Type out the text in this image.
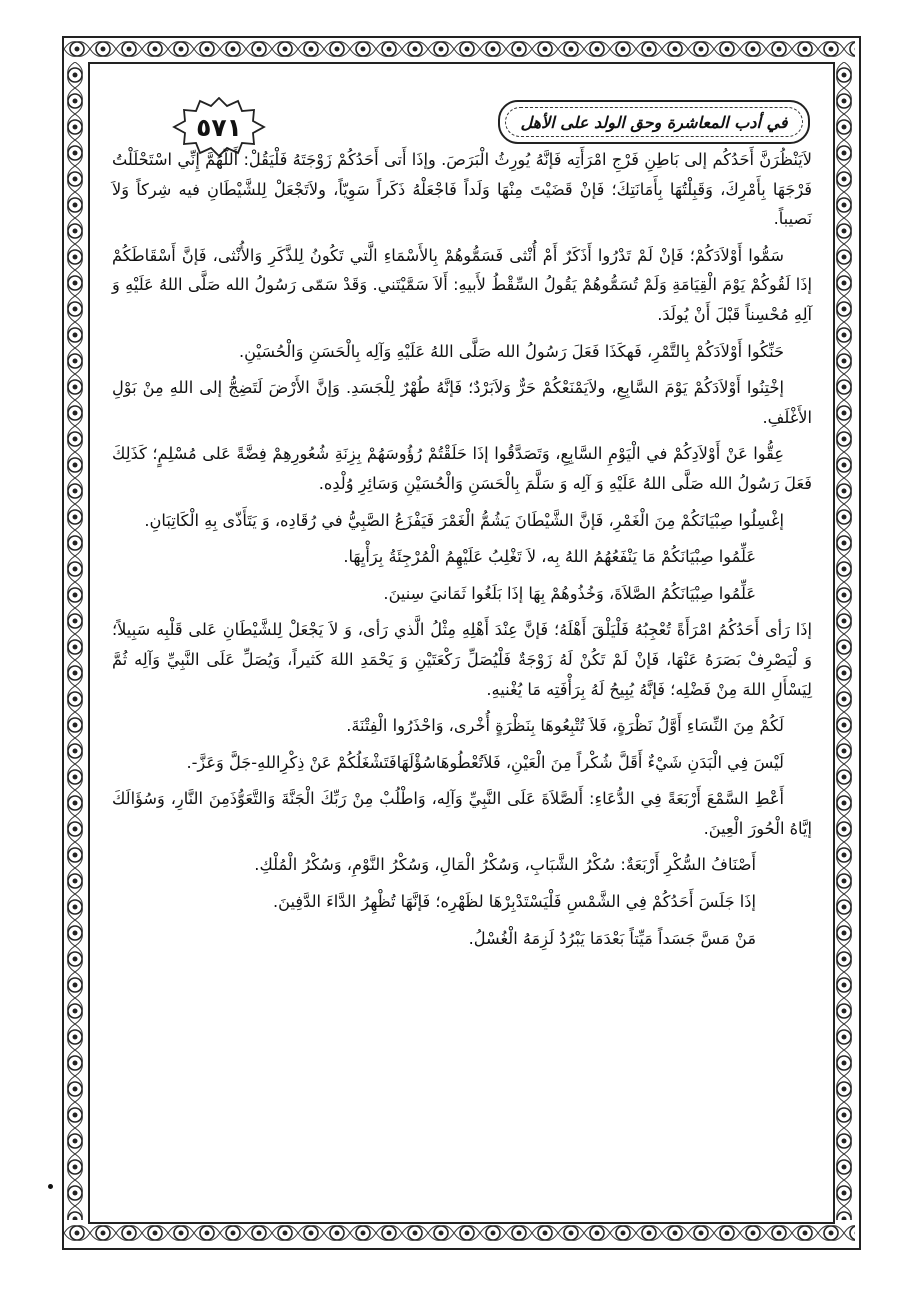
في أدب المعاشرة وحق الولد على الأهل
٥٧١

لاَيَنْظُرَنَّ أَحَدُكُم إلى بَاطِنِ فَرْجِ امْرَأَتِه فَإنَّهُ يُورِثُ الْبَرَصَ. وإذَا أَتى أَحَدُكُمْ زَوْجَتَهُ فَلْيَقُلْ: أَللّهُمَّ إِنِّي اسْتَحْلَلْتُ فَرْجَهَا بِأَمْرِكَ، وَقَبِلْتُهَا بِأَمَانَتِكَ؛ فَإنْ قَضَيْتَ مِنْهَا وَلَداً فَاجْعَلْهُ ذَكَراً سَوِيّاً، ولاَتَجْعَلْ لِلشَّيْطَانِ فيه شِركاً وَلاَ نَصيباً.

سَمُّوا أَوْلاَدَكُمْ؛ فَإنْ لَمْ تَدْرُوا أَذَكَرٌ أَمْ أُنْثى فَسَمُّوهُمْ بِالأَسْمَاءِ الَّتي تَكُونُ لِلذَّكَرِ وَالأُنْثى، فَإنَّ أَسْقَاطَكُمْ إذَا لَقُوكُمْ يَوْمَ الْقِيَامَةِ وَلَمْ تُسَمُّوهُمْ يَقُولُ السِّقْطُ لأَبيهِ: أَلاَ سَمَّيْتَني. وَقَدْ سَمّى رَسُولُ الله صَلَّى اللهُ عَلَيْهِ وَ آلِهِ مُحْسِناً قَبْلَ أَنْ يُولَدَ.

حَنِّكُوا أَوْلاَدَكُمْ بِالتَّمْرِ، فَهكَذَا فَعَلَ رَسُولُ الله صَلَّى اللهُ عَلَيْهِ وَآلِه بِالْحَسَنِ وَالْحُسَيْنِ.

إخْتِنُوا أَوْلاَدَكُمْ يَوْمَ السَّابِعِ، ولاَيَمْنَعْكُمْ حَرٌّ وَلاَبَرْدٌ؛ فَإنَّهُ طُهْرٌ لِلْجَسَدِ. وَإنَّ الأَرْضَ لَتَضِجُّ إلى اللهِ مِنْ بَوْلِ الأَغْلَفِ.

عِقُّوا عَنْ أَوْلاَدِكُمْ في الْيَوْمِ السَّابِعِ، وَتَصَدَّقُوا إذَا حَلَقْتُمْ رُؤُوسَهُمْ بِزِنَةِ شُعُورِهِمْ فِضَّةً عَلى مُسْلِمٍ؛ كَذَلِكَ فَعَلَ رَسُولُ الله صَلَّى اللهُ عَلَيْهِ وَ آلِه وَ سَلَّمَ بِالْحَسَنِ وَالْحُسَيْنِ وَسَائِرِ وُلْدِه.

إغْسِلُوا صِبْيَانَكُمْ مِنَ الْغَمْرِ، فَإنَّ الشَّيْطَانَ يَشُمُّ الْغَمْرَ فَيَفْزَعُ الصَّبِيُّ في رُقَادِه، وَ يَتَأَذّى بِهِ الْكَاتِبَانِ.

عَلِّمُوا صِبْيَانَكُمْ مَا يَنْفَعُهُمُ اللهُ بِه، لاَ تَغْلِبُ عَلَيْهِمُ الْمُرْجِئَةُ بِرَأْيِهَا.

عَلِّمُوا صِبْيَانَكُمُ الصَّلاَةَ، وَخُذُوهُمْ بِهَا إذَا بَلَغُوا ثَمَانيَ سِنينَ.

إذَا رَأى أَحَدُكُمُ امْرَأَةً تُعْجِبُهُ فَلْيَلْقَ أَهْلَهُ؛ فَإنَّ عِنْدَ أَهْلِهِ مِثْلُ الَّذي رَأى، وَ لاَ يَجْعَلْ لِلشَّيْطَانِ عَلى قَلْبِه سَبِيلاً؛ وَ لْيَصْرِفْ بَصَرَهُ عَنْهَا، فَإنْ لَمْ تَكُنْ لَهُ زَوْجَةٌ فَلْيُصَلِّ رَكْعَتَيْنِ وَ يَحْمَدِ اللهَ كَثيراً، وَيُصَلِّ عَلَى النَّبِيِّ وَآلِه ثُمَّ لِيَسْأَلِ اللهَ مِنْ فَضْلِه؛ فَإنَّهُ يُبِيحُ لَهُ بِرَأْفَتِه مَا يُغْنيهِ.

لَكُمْ مِنَ النِّسَاءِ أَوَّلُ نَظْرَةٍ، فَلاَ تُتْبِعُوهَا بِنَظْرَةٍ أُخْرى، وَاحْذَرُوا الْفِتْنَةَ.

لَيْسَ فِي الْبَدَنِ شَيْءٌ أَقَلَّ شُكْراً مِنَ الْعَيْنِ، فَلاَتُعْطُوهَاسُؤْلَهَافَتَشْغَلُكُمْ عَنْ ذِكْرِاللهِ-جَلَّ وَعَزَّ-.

أَعْطِ السَّمْعَ أَرْبَعَةً فِي الدُّعَاءِ: أَلصَّلاَةَ عَلَى النَّبِيِّ وَآلِه، وَاطْلُبْ مِنْ رَبِّكَ الْجَنَّةَ وَالتَّعَوُّذَمِنَ النَّارِ، وَسُؤَالَكَ إيَّاهُ الْحُورَ الْعِينَ.

أَصْنَافُ السُّكْرِ أَرْبَعَةٌ: سُكْرُ الشَّبَابِ، وَسُكْرُ الْمَالِ، وَسُكْرُ النَّوْمِ، وَسُكْرُ الْمُلْكِ.

إذَا جَلَسَ أَحَدُكُمْ فِي الشَّمْسِ فَلْيَسْتَدْبِرْهَا لظَهْرِه؛ فَإنَّهَا تُظْهِرُ الدَّاءَ الدَّفِينَ.

مَنْ مَسَّ جَسَداً مَيِّتاً بَعْدَمَا يَبْرُدُ لَزِمَهُ الْغُسْلُ.
